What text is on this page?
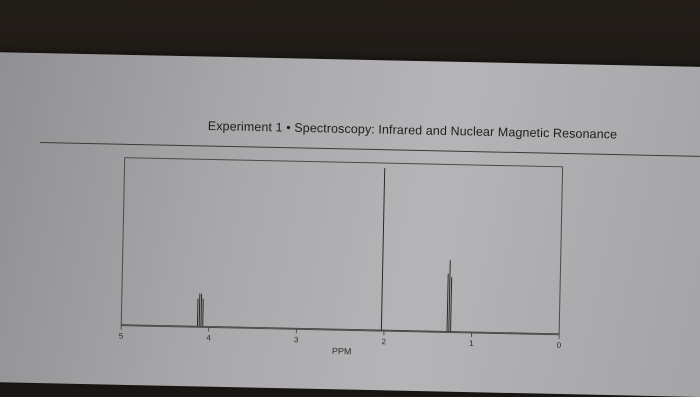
Experiment 1 • Spectroscopy: Infrared and Nuclear Magnetic Resonance
5	4	3	2	1	0
PPM
